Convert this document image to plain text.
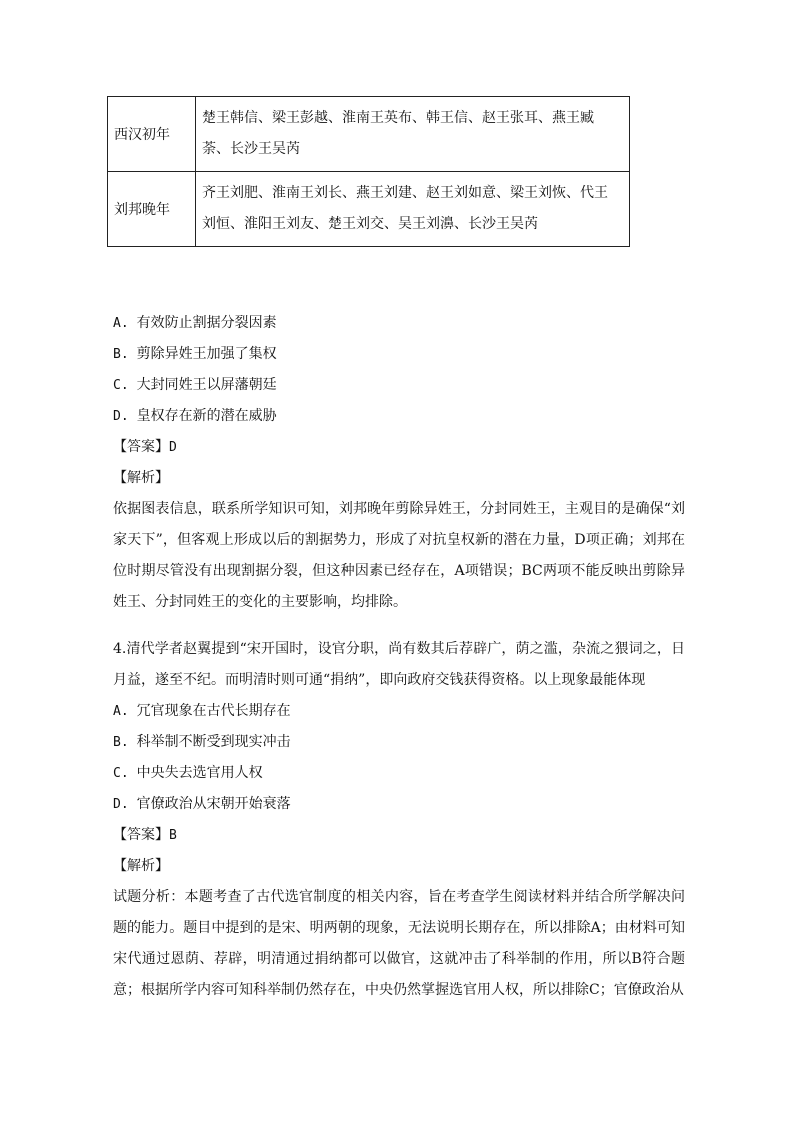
西汉初年	楚王韩信、梁王彭越、淮南王英布、韩王信、赵王张耳、燕王臧荼、长沙王吴芮
刘邦晚年	齐王刘肥、淮南王刘长、燕王刘建、赵王刘如意、梁王刘恢、代王刘恒、淮阳王刘友、楚王刘交、吴王刘濞、长沙王吴芮

A. 有效防止割据分裂因素

B. 剪除异姓王加强了集权

C. 大封同姓王以屏藩朝廷

D. 皇权存在新的潜在威胁

【答案】D

【解析】

依据图表信息，联系所学知识可知，刘邦晚年剪除异姓王，分封同姓王，主观目的是确保“刘家天下”，但客观上形成以后的割据势力，形成了对抗皇权新的潜在力量，D项正确；刘邦在位时期尽管没有出现割据分裂，但这种因素已经存在，A项错误；BC两项不能反映出剪除异姓王、分封同姓王的变化的主要影响，均排除。

4.清代学者赵翼提到“宋开国时，设官分职，尚有数其后荐辟广，荫之滥，杂流之猥词之，日月益，遂至不纪。而明清时则可通“捐纳”，即向政府交钱获得资格。以上现象最能体现

A. 冗官现象在古代长期存在

B. 科举制不断受到现实冲击

C. 中央失去选官用人权

D. 官僚政治从宋朝开始衰落

【答案】B

【解析】

试题分析：本题考查了古代选官制度的相关内容，旨在考查学生阅读材料并结合所学解决问题的能力。题目中提到的是宋、明两朝的现象，无法说明长期存在，所以排除A；由材料可知宋代通过恩荫、荐辟，明清通过捐纳都可以做官，这就冲击了科举制的作用，所以B符合题意；根据所学内容可知科举制仍然存在，中央仍然掌握选官用人权，所以排除C；官僚政治从
